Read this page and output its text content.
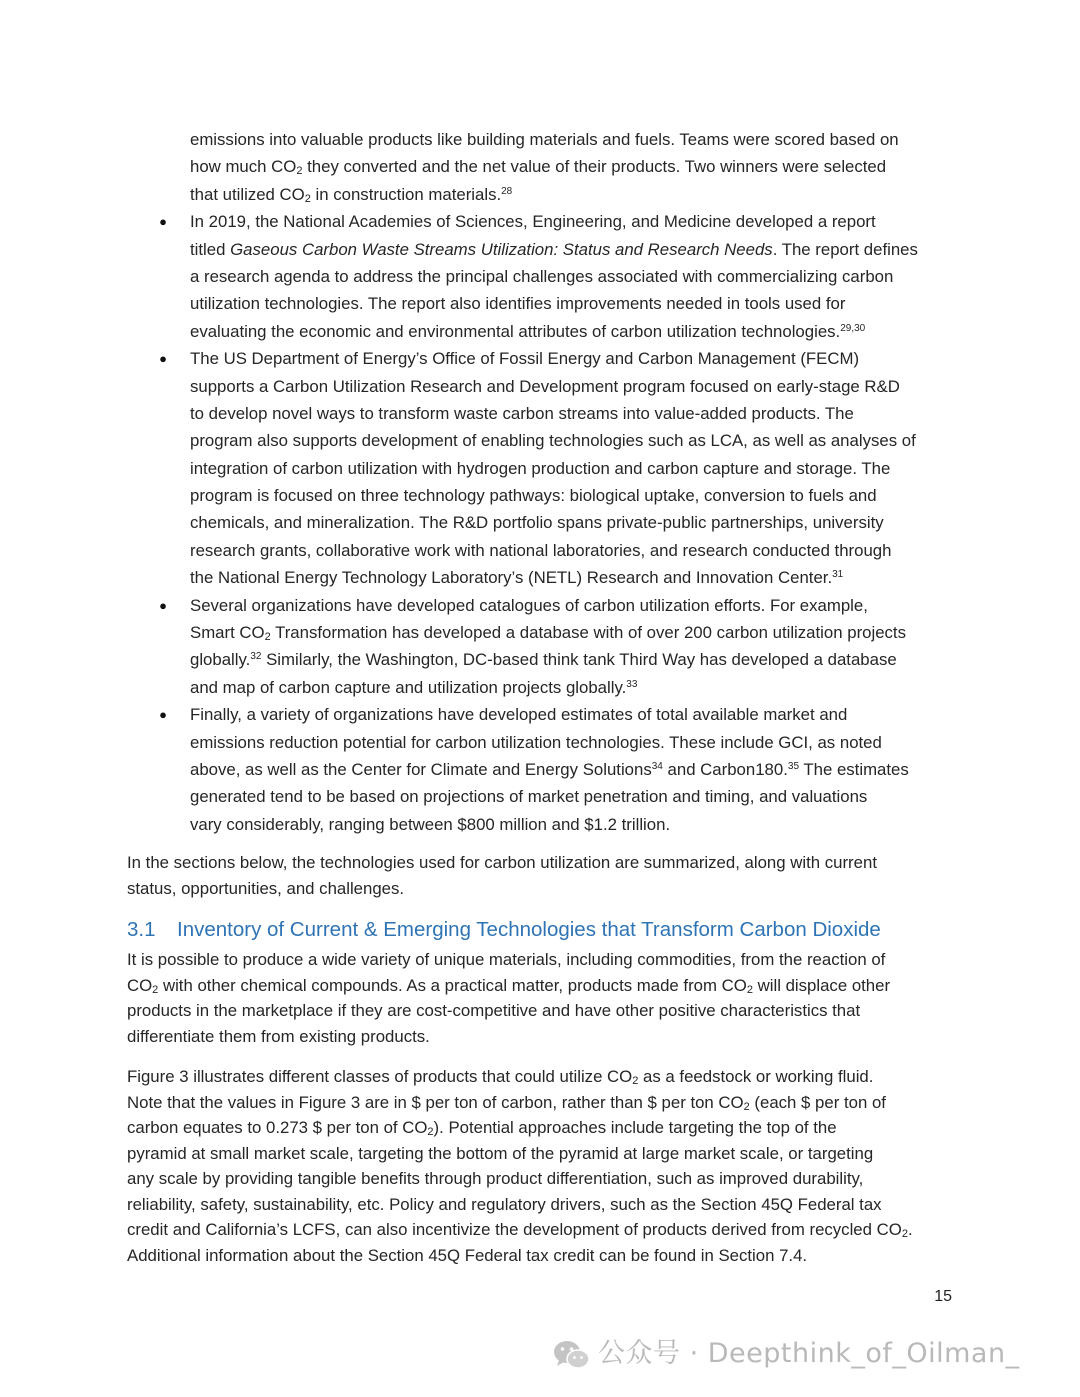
emissions into valuable products like building materials and fuels. Teams were scored based on
how much $CO_2$ they converted and the net value of their products. Two winners were selected
that utilized $CO_2$ in construction materials.$^{28}$
● In 2019, the National Academies of Sciences, Engineering, and Medicine developed a report
titled Gaseous Carbon Waste Streams Utilization: Status and Research Needs. The report defines
a research agenda to address the principal challenges associated with commercializing carbon
utilization technologies. The report also identifies improvements needed in tools used for
evaluating the economic and environmental attributes of carbon utilization technologies.$^{29,30}$
● The US Department of Energy’s Office of Fossil Energy and Carbon Management (FECM)
supports a Carbon Utilization Research and Development program focused on early-stage R&D
to develop novel ways to transform waste carbon streams into value-added products. The
program also supports development of enabling technologies such as LCA, as well as analyses of
integration of carbon utilization with hydrogen production and carbon capture and storage. The
program is focused on three technology pathways: biological uptake, conversion to fuels and
chemicals, and mineralization. The R&D portfolio spans private-public partnerships, university
research grants, collaborative work with national laboratories, and research conducted through
the National Energy Technology Laboratory’s (NETL) Research and Innovation Center.$^{31}$
● Several organizations have developed catalogues of carbon utilization efforts. For example,
Smart $CO_2$ Transformation has developed a database with of over 200 carbon utilization projects
globally.$^{32}$ Similarly, the Washington, DC-based think tank Third Way has developed a database
and map of carbon capture and utilization projects globally.$^{33}$
● Finally, a variety of organizations have developed estimates of total available market and
emissions reduction potential for carbon utilization technologies. These include GCI, as noted
above, as well as the Center for Climate and Energy Solutions$^{34}$ and Carbon180.35 The estimates
generated tend to be based on projections of market penetration and timing, and valuations
vary considerably, ranging between $800 million and $1.2 trillion.
In the sections below, the technologies used for carbon utilization are summarized, along with current
status, opportunities, and challenges.
3.1 Inventory of Current & Emerging Technologies that Transform Carbon Dioxide
It is possible to produce a wide variety of unique materials, including commodities, from the reaction of
$CO_2$ with other chemical compounds. As a practical matter, products made from $CO_2$ will displace other
products in the marketplace if they are cost-competitive and have other positive characteristics that
differentiate them from existing products.
Figure 3 illustrates different classes of products that could utilize $CO_2$ as a feedstock or working fluid.
Note that the values in Figure 3 are in $ per ton of carbon, rather than $ per ton $CO_2$ (each $ per ton of
carbon equates to 0.273 $ per ton of $CO_2$). Potential approaches include targeting the top of the
pyramid at small market scale, targeting the bottom of the pyramid at large market scale, or targeting
any scale by providing tangible benefits through product differentiation, such as improved durability,
reliability, safety, sustainability, etc. Policy and regulatory drivers, such as the Section 45Q Federal tax
credit and California’s LCFS, can also incentivize the development of products derived from recycled $CO_2$.
Additional information about the Section 45Q Federal tax credit can be found in Section 7.4.
15
公众号 · Deepthink_of_Oilman_
